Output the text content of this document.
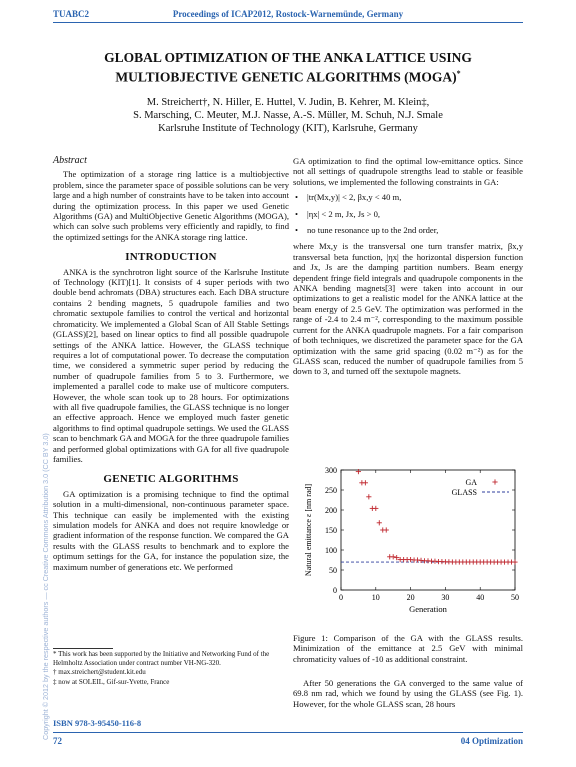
TUABC2	Proceedings of ICAP2012, Rostock-Warnemünde, Germany
GLOBAL OPTIMIZATION OF THE ANKA LATTICE USING
MULTIOBJECTIVE GENETIC ALGORITHMS (MOGA)*
M. Streichert†, N. Hiller, E. Huttel, V. Judin, B. Kehrer, M. Klein‡,
S. Marsching, C. Meuter, M.J. Nasse, A.-S. Müller, M. Schuh, N.J. Smale
Karlsruhe Institute of Technology (KIT), Karlsruhe, Germany
Abstract

The optimization of a storage ring lattice is a multiobjective problem, since the parameter space of possible solutions can be very large and a high number of constraints have to be taken into account during the optimization process. In this paper we used Genetic Algorithms (GA) and MultiObjective Genetic Algorithms (MOGA), which can solve such problems very efficiently and rapidly, to find the optimized settings for the ANKA storage ring lattice.

INTRODUCTION

ANKA is the synchrotron light source of the Karlsruhe Institute of Technology (KIT)[1]. It consists of 4 super periods with two double bend achromats (DBA) structures each. Each DBA structure contains 2 bending magnets, 5 quadrupole families and two chromatic sextupole families to control the vertical and horizontal chromaticity. We implemented a Global Scan of All Stable Settings (GLASS)[2], based on linear optics to find all possible quadrupole settings of the ANKA lattice. However, the GLASS technique requires a lot of computational power. To decrease the computation time, we considered a symmetric super period by reducing the number of quadrupole families from 5 to 3. Furthermore, we implemented a parallel code to make use of multicore computers. However, the whole scan took up to 28 hours. For optimizations with all five quadrupole families, the GLASS technique is no longer an effective approach. Hence we employed much faster genetic algorithms to find optimal quadrupole settings. We used the GLASS scan to benchmark GA and MOGA for the three quadrupole families and performed global optimizations with GA for all five quadrupole families.

GENETIC ALGORITHMS

GA optimization is a promising technique to find the optimal solution in a multi-dimensional, non-continuous parameter space. This technique can easily be implemented with the existing simulation models for ANKA and does not require knowledge or gradient information of the response function. We compared the GA results with the GLASS results to benchmark and to explore the optimum settings for the GA, for instance the population size, the maximum number of generations etc. We performed

* This work has been supported by the Initiative and Networking Fund of the Helmholtz Association under contract number VH-NG-320.
† max.streichert@student.kit.edu
‡ now at SOLEIL, Gif-sur-Yvette, France

GA optimization to find the optimal low-emittance optics. Since not all settings of quadrupole strengths lead to stable or feasible solutions, we implemented the following constraints in GA:

• |tr(Mx,y)| < 2, βx,y < 40 m,
• |ηx| < 2 m, Jx, Js > 0,
• no tune resonance up to the 2nd order,

where Mx,y is the transversal one turn transfer matrix, βx,y transversal beta function, |ηx| the horizontal dispersion function and Jx, Js are the damping partition numbers. Beam energy dependent fringe field integrals and quadrupole components in the ANKA bending magnets[3] were taken into account in our optimizations to get a realistic model for the ANKA lattice at the beam energy of 2.5 GeV. The optimization was performed in the range of -2.4 to 2.4 m⁻², corresponding to the maximum possible current for the ANKA quadrupole magnets. For a fair comparison of both techniques, we discretized the parameter space for the GA optimization with the same grid spacing (0.02 m⁻²) as for the GLASS scan, reduced the number of quadrupole families from 5 down to 3, and turned off the sextupole magnets.

0	10	20	30	40	50
0
50
100
150
200
250
300
Generation
Natural emittance ε [nm rad]
GA
GLASS
Figure 1: Comparison of the GA with the GLASS results. Minimization of the emittance at 2.5 GeV with minimal chromaticity values of -10 as additional constraint.
After 50 generations the GA converged to the same value of 69.8 nm rad, which we found by using the GLASS (see Fig. 1). However, for the whole GLASS scan, 28 hours
Copyright © 2012 by the respective authors — cc Creative Commons Attribution 3.0 (CC BY 3.0) ISBN 978-3-95450-116-8
72	04 Optimization
